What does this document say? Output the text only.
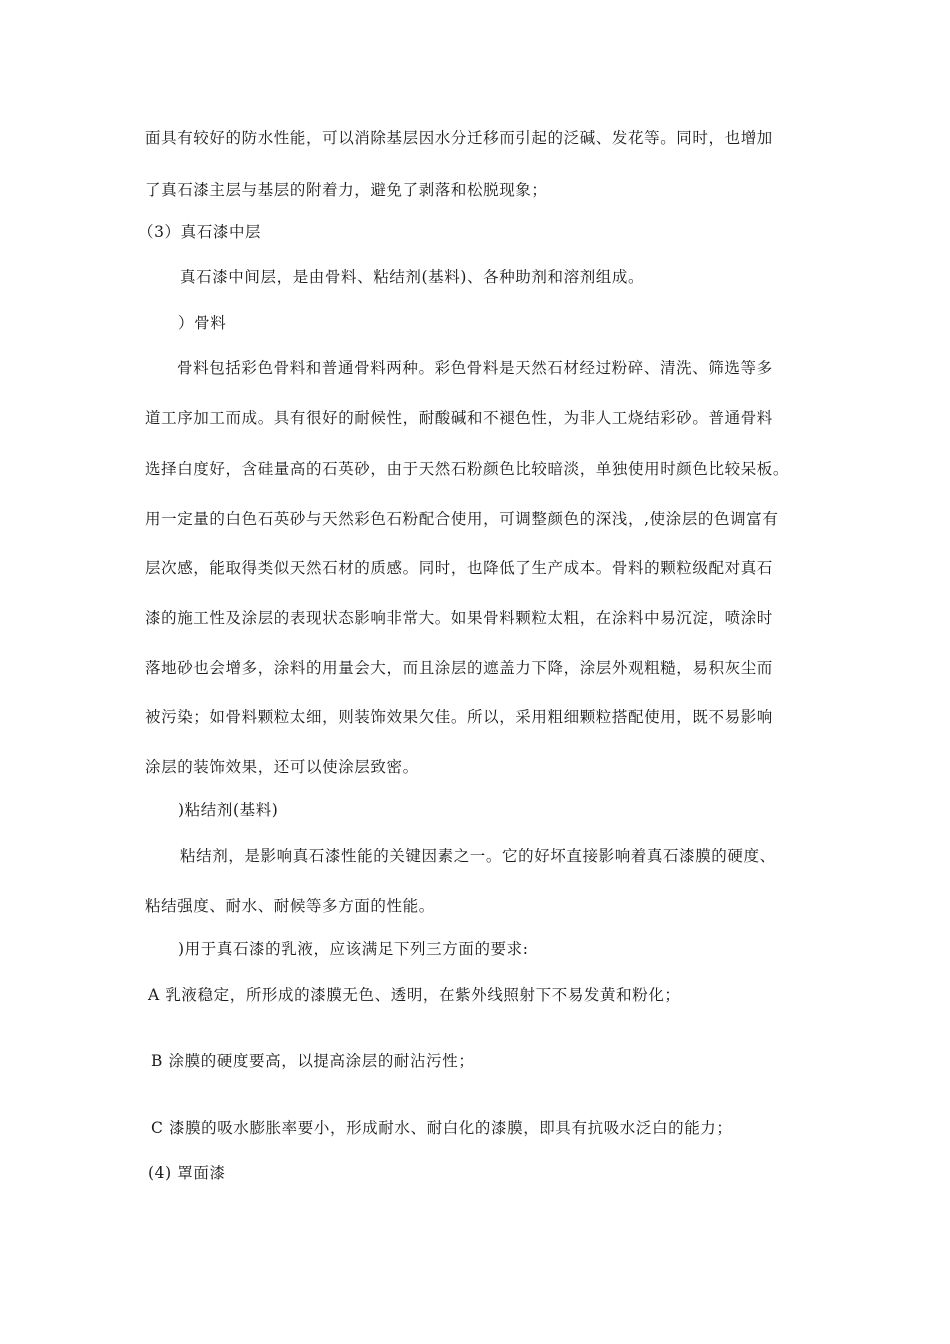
面具有较好的防水性能，可以消除基层因水分迁移而引起的泛碱、发花等。同时，也增加
了真石漆主层与基层的附着力，避免了剥落和松脱现象；
（3）真石漆中层
真石漆中间层，是由骨料、粘结剂(基料)、各种助剂和溶剂组成。
）骨料
骨料包括彩色骨料和普通骨料两种。彩色骨料是天然石材经过粉碎、清洗、筛选等多
道工序加工而成。具有很好的耐候性，耐酸碱和不褪色性，为非人工烧结彩砂。普通骨料
选择白度好，含硅量高的石英砂，由于天然石粉颜色比较暗淡，单独使用时颜色比较呆板。
用一定量的白色石英砂与天然彩色石粉配合使用，可调整颜色的深浅，,使涂层的色调富有
层次感，能取得类似天然石材的质感。同时，也降低了生产成本。骨料的颗粒级配对真石
漆的施工性及涂层的表现状态影响非常大。如果骨料颗粒太粗，在涂料中易沉淀，喷涂时
落地砂也会增多，涂料的用量会大，而且涂层的遮盖力下降，涂层外观粗糙，易积灰尘而
被污染；如骨料颗粒太细，则装饰效果欠佳。所以，采用粗细颗粒搭配使用，既不易影响
涂层的装饰效果，还可以使涂层致密。
)粘结剂(基料)
粘结剂，是影响真石漆性能的关键因素之一。它的好坏直接影响着真石漆膜的硬度、
粘结强度、耐水、耐候等多方面的性能。
)用于真石漆的乳液，应该满足下列三方面的要求:
A 乳液稳定，所形成的漆膜无色、透明，在紫外线照射下不易发黄和粉化；
B 涂膜的硬度要高，以提高涂层的耐沾污性；
C 漆膜的吸水膨胀率要小，形成耐水、耐白化的漆膜，即具有抗吸水泛白的能力；
(4) 罩面漆
